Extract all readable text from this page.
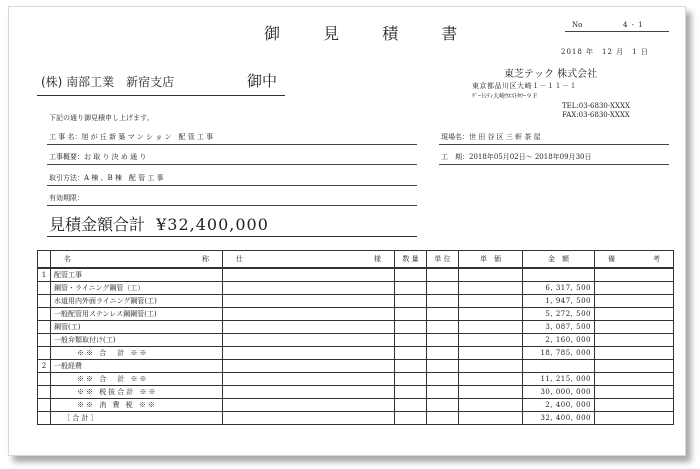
御 見 積 書	No	4 - 1
2018 年　12 月　1 日
(株) 南部工業　新宿支店	御中	東芝テック 株式会社
東京都品川区大崎１－１１－１
ｹﾞｰﾄｼﾃｨ大崎ｳｴｽﾄﾀﾜｰ９Ｆ
TEL:03-6830-XXXX
FAX:03-6830-XXXX
下記の通り御見積申し上げます。
工 事 名：旭 が 丘 新 築 マ ン シ ョ ン　配 管 工 事	現場名：世 田 谷 区 三 軒 茶 屋
工事概要：お 取 り 決 め 通 り	工　期：2018年05月02日～ 2018年09月30日
取引方法：A 棟 、B 棟　配 管 工 事
有効期限：
見積金額合計 ¥32,400,000

	名 称	仕 様	数 量	単 位	単　価	金　額	備 考

1	配管工事						
	鋼管・ライニング鋼管（工）					6, 317, 500	
	水道用内外面ライニング鋼管(工)					1, 947, 500	
	一般配管用ステンレス鋼鋼管(工)					5, 272, 500	
	鋼管(工)					3, 087, 500	
	一般弁類取付け(工)					2, 160, 000	
	※※ 合　計 ※※					18, 785, 000	
2	一般経費						
	※※ 合　計 ※※					11, 215, 000	
	※※ 税抜合計 ※※					30, 000, 000	
	※※ 消 費 税 ※※					2, 400, 000	
	［ 合 計 ］					32, 400, 000	
